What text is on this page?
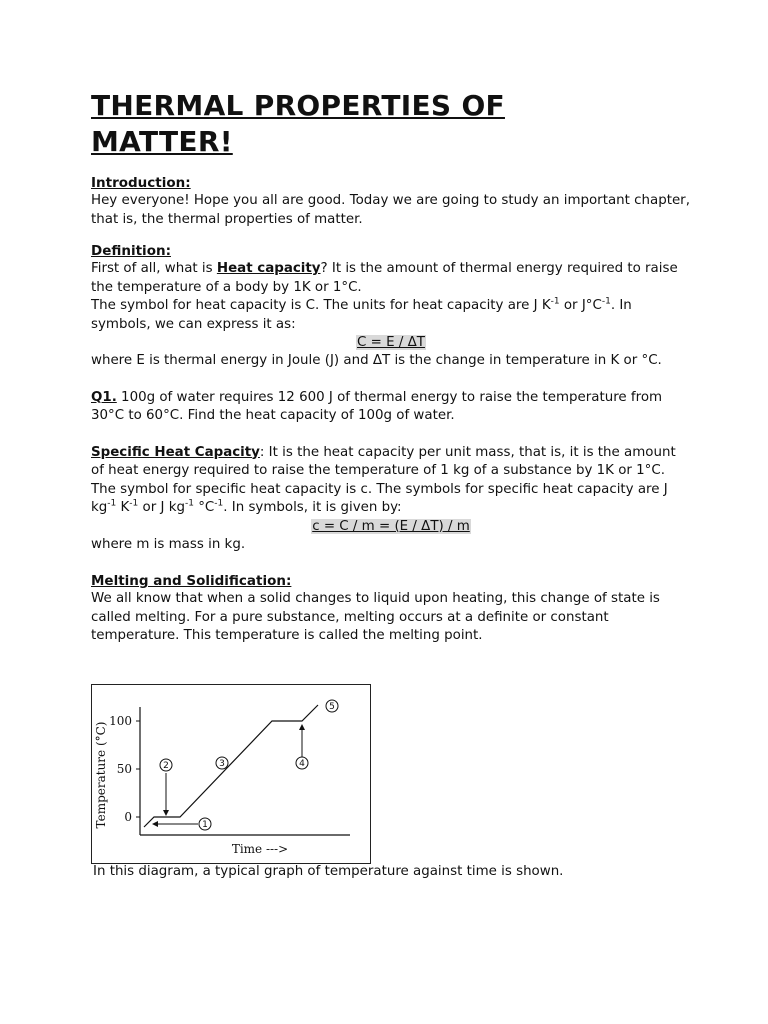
THERMAL PROPERTIES OF
MATTER!

Introduction:

Hey everyone! Hope you all are good. Today we are going to study an important chapter, that is, the thermal properties of matter.

Definition:

First of all, what is Heat capacity? It is the amount of thermal energy required to raise the temperature of a body by 1K or 1°C.

The symbol for heat capacity is C. The units for heat capacity are J $K^{-1}$ or $J^\circ C^{-1}$. In symbols, we can express it as:

C = E / ΔT

where E is thermal energy in Joule (J) and ΔT is the change in temperature in K or °C.

Q1. 100g of water requires 12 600 J of thermal energy to raise the temperature from 30°C to 60°C. Find the heat capacity of 100g of water.

Specific Heat Capacity: It is the heat capacity per unit mass, that is, it is the amount of heat energy required to raise the temperature of 1 kg of a substance by 1K or 1°C.

The symbol for specific heat capacity is c. The symbols for specific heat capacity are J $kg^{-1}$ $K^{-1}$ or J $kg^{-1}$ $^\circ C^{-1}$. In symbols, it is given by:

c = C / m = (E / ΔT) / m

where m is mass in kg.

Melting and Solidification:

We all know that when a solid changes to liquid upon heating, this change of state is called melting. For a pure substance, melting occurs at a definite or constant temperature. This temperature is called the melting point.

Temperature (°C)
100
50
0
1
2	3	4
5
Time --->

In this diagram, a typical graph of temperature against time is shown.
